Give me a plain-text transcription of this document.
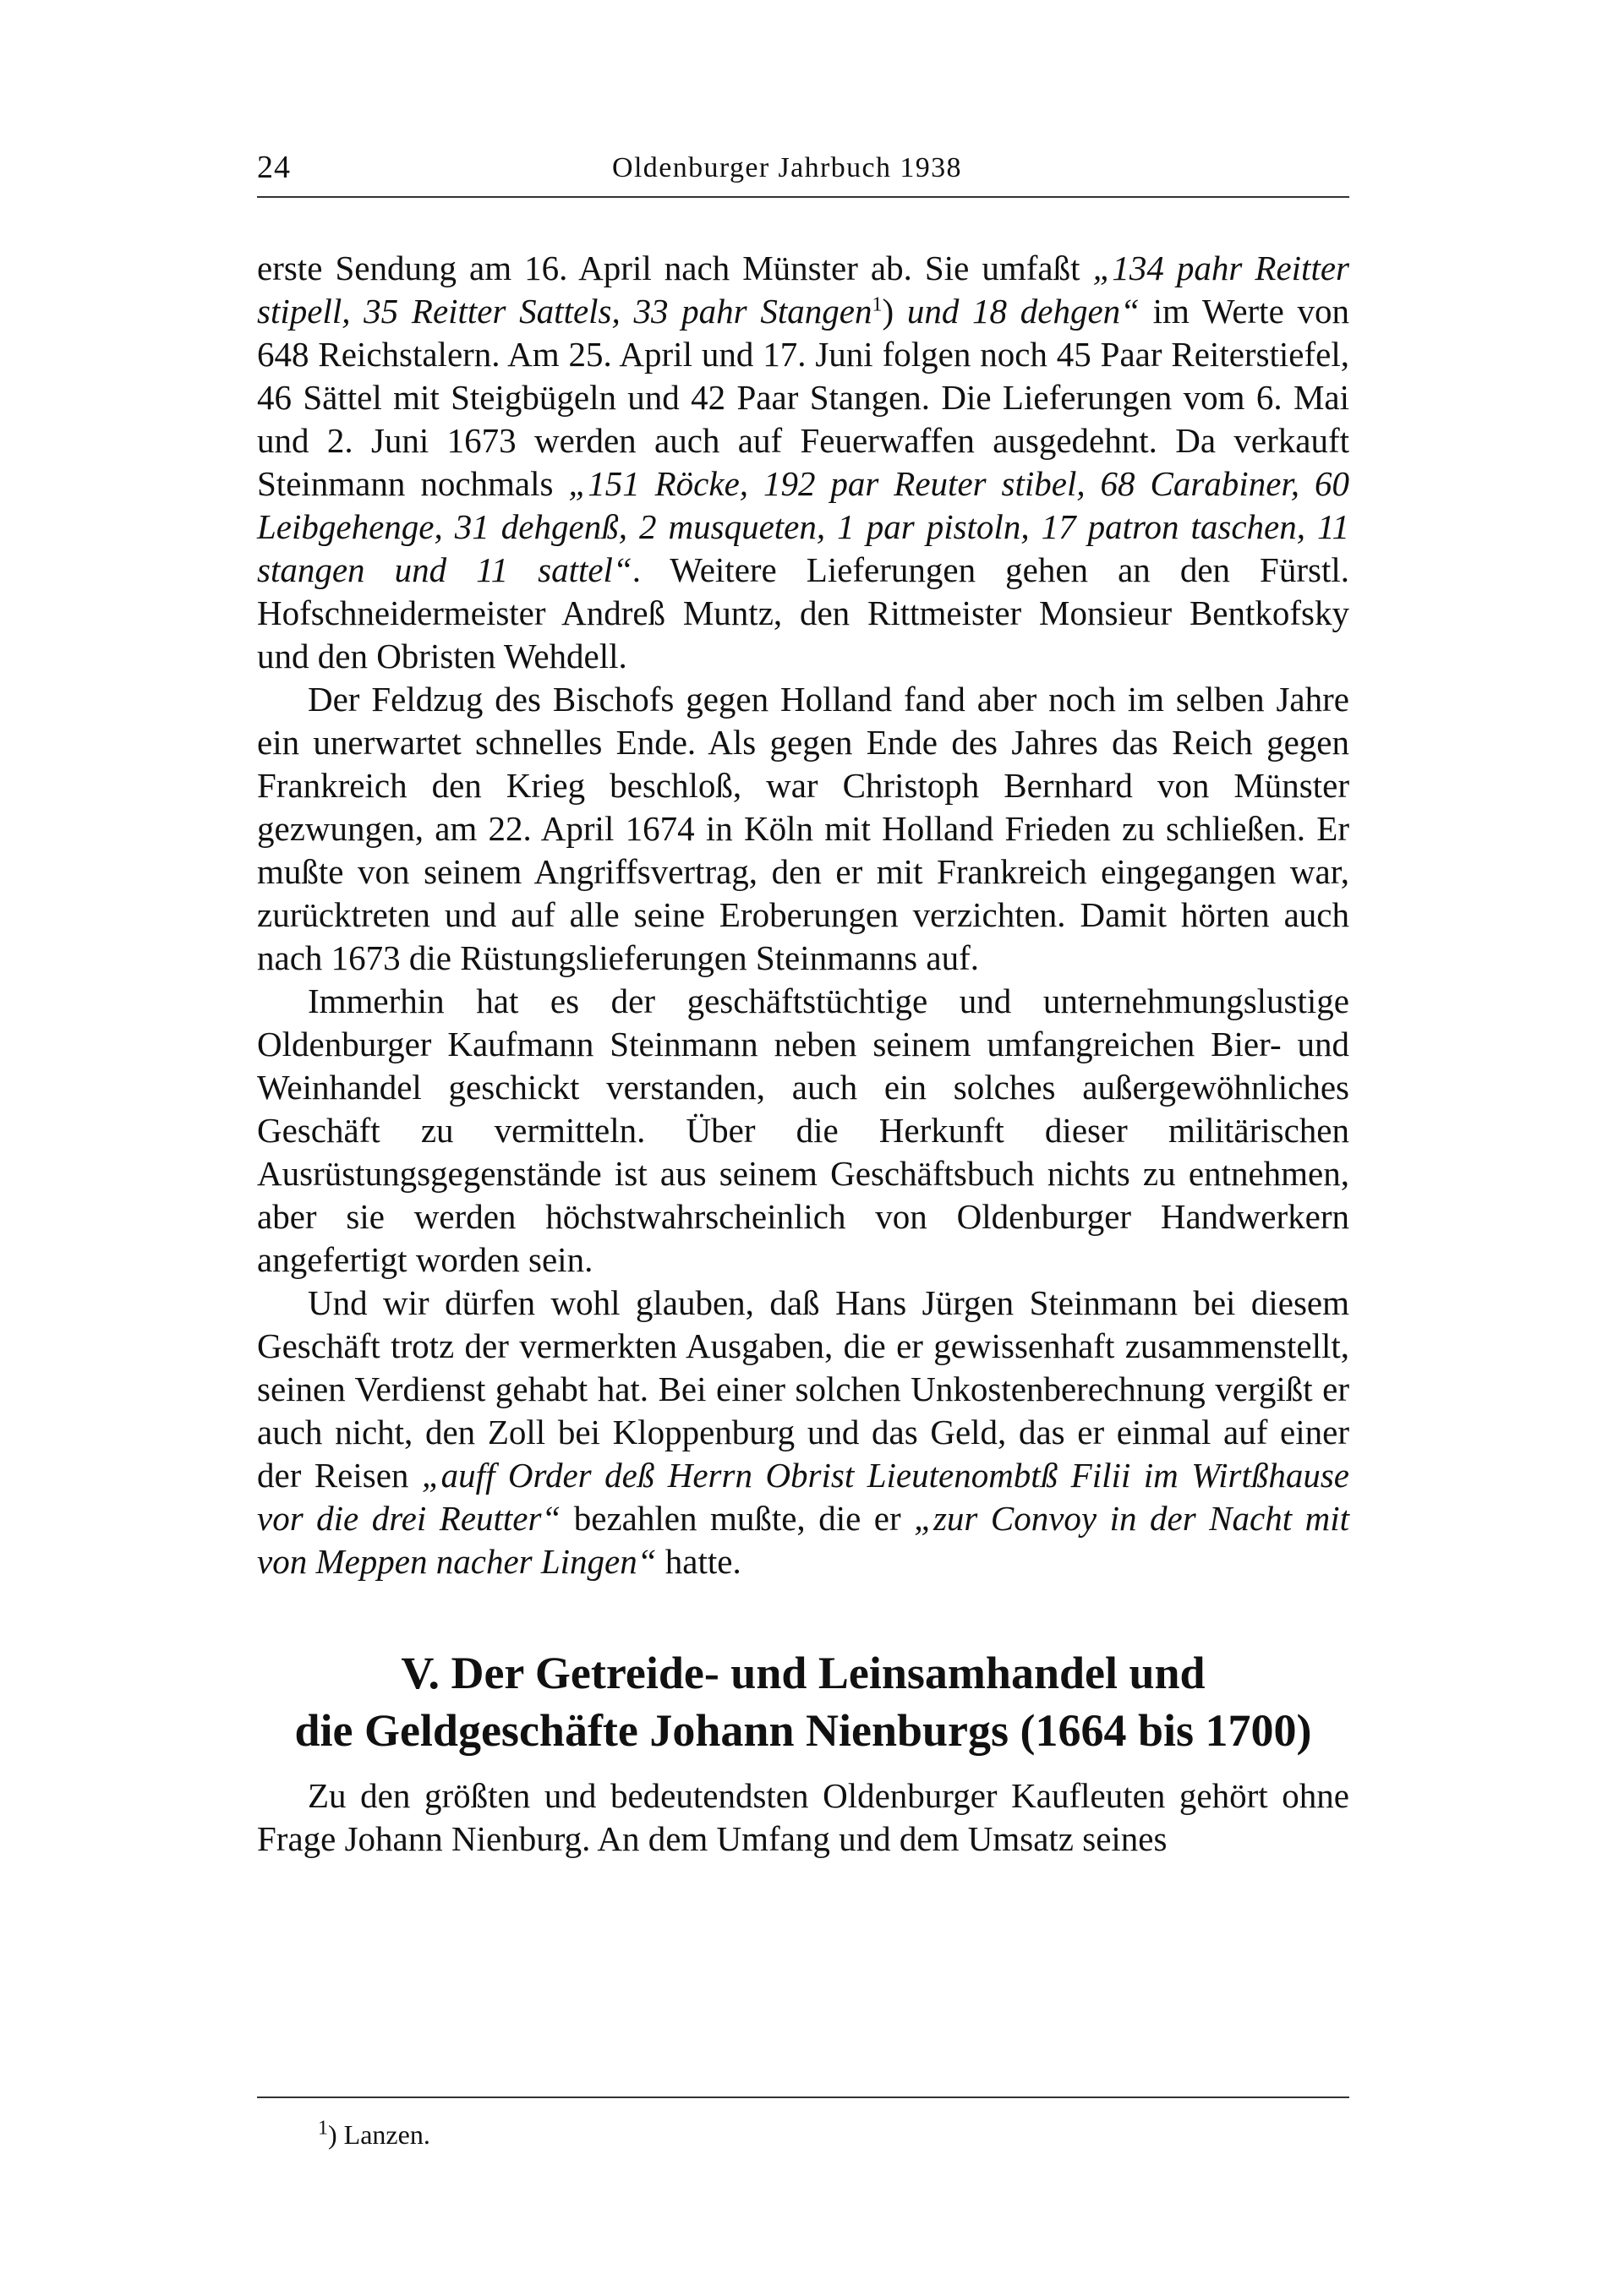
24	Oldenburger Jahrbuch 1938

erste Sendung am 16. April nach Münster ab. Sie umfaßt „134 pahr Reitter stipell, 35 Reitter Sattels, 33 pahr Stangen$^1$) und 18 dehgen“ im Werte von 648 Reichstalern. Am 25. April und 17. Juni folgen noch 45 Paar Reiterstiefel, 46 Sättel mit Steigbügeln und 42 Paar Stangen. Die Lieferungen vom 6. Mai und 2. Juni 1673 werden auch auf Feuerwaffen ausgedehnt. Da verkauft Steinmann nochmals „151 Röcke, 192 par Reuter stibel, 68 Carabiner, 60 Leibgehenge, 31 dehgenß, 2 musqueten, 1 par pistoln, 17 patron taschen, 11 stangen und 11 sattel“. Weitere Lieferungen gehen an den Fürstl. Hofschneidermeister Andreß Muntz, den Rittmeister Monsieur Bentkofsky und den Obristen Wehdell.

Der Feldzug des Bischofs gegen Holland fand aber noch im selben Jahre ein unerwartet schnelles Ende. Als gegen Ende des Jahres das Reich gegen Frankreich den Krieg beschloß, war Christoph Bernhard von Münster gezwungen, am 22. April 1674 in Köln mit Holland Frieden zu schließen. Er mußte von seinem Angriffsvertrag, den er mit Frankreich eingegangen war, zurücktreten und auf alle seine Eroberungen verzichten. Damit hörten auch nach 1673 die Rüstungslieferungen Steinmanns auf.

Immerhin hat es der geschäftstüchtige und unternehmungslustige Oldenburger Kaufmann Steinmann neben seinem umfangreichen Bier- und Weinhandel geschickt verstanden, auch ein solches außergewöhnliches Geschäft zu vermitteln. Über die Herkunft dieser militärischen Ausrüstungsgegenstände ist aus seinem Geschäftsbuch nichts zu entnehmen, aber sie werden höchstwahrscheinlich von Oldenburger Handwerkern angefertigt worden sein.

Und wir dürfen wohl glauben, daß Hans Jürgen Steinmann bei diesem Geschäft trotz der vermerkten Ausgaben, die er gewissenhaft zusammenstellt, seinen Verdienst gehabt hat. Bei einer solchen Unkostenberechnung vergißt er auch nicht, den Zoll bei Kloppenburg und das Geld, das er einmal auf einer der Reisen „auff Order deß Herrn Obrist Lieutenombtß Filii im Wirtßhause vor die drei Reutter“ bezahlen mußte, die er „zur Convoy in der Nacht mit von Meppen nacher Lingen“ hatte.

V. Der Getreide- und Leinsamhandel und
die Geldgeschäfte Johann Nienburgs (1664 bis 1700)

Zu den größten und bedeutendsten Oldenburger Kaufleuten gehört ohne Frage Johann Nienburg. An dem Umfang und dem Umsatz seines

$^1$) Lanzen.
